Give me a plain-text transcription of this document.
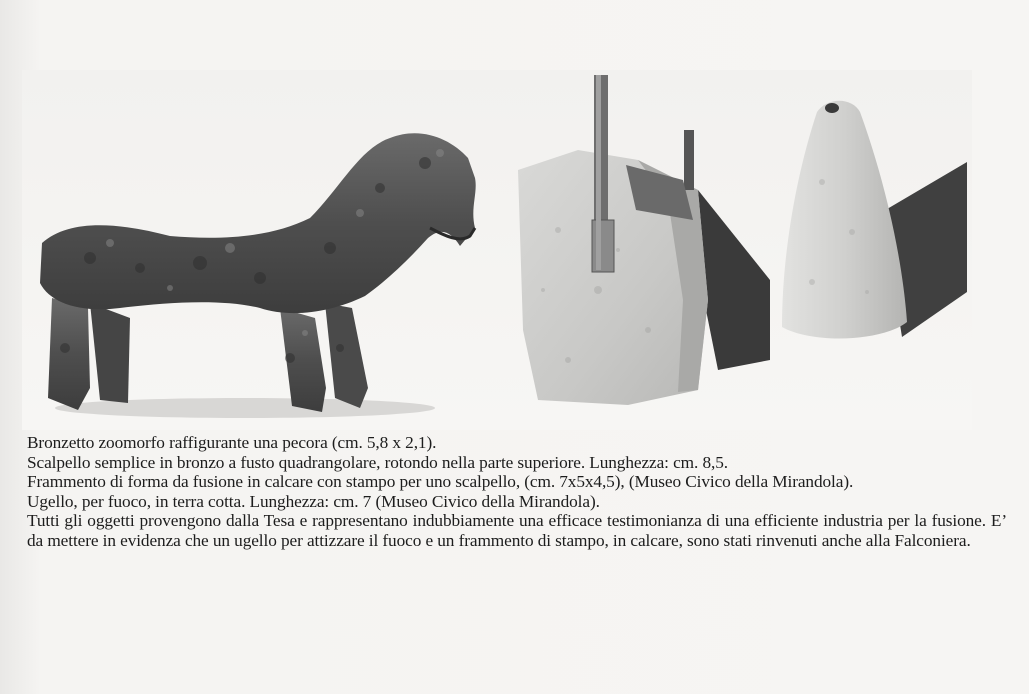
Bronzetto zoomorfo raffigurante una pecora (cm. 5,8 x 2,1).

Scalpello semplice in bronzo a fusto quadrangolare, rotondo nella parte superiore. Lunghezza: cm. 8,5.

Frammento di forma da fusione in calcare con stampo per uno scalpello, (cm. 7x5x4,5), (Museo Civico della Mirandola).

Ugello, per fuoco, in terra cotta. Lunghezza: cm. 7 (Museo Civico della Mirandola).

Tutti gli oggetti provengono dalla Tesa e rappresentano indubbiamente una efficace testimonianza di una efficiente industria per la fusione. E’ da mettere in evidenza che un ugello per attizzare il fuoco e un frammento di stampo, in calcare, sono stati rinvenuti anche alla Falconiera.
